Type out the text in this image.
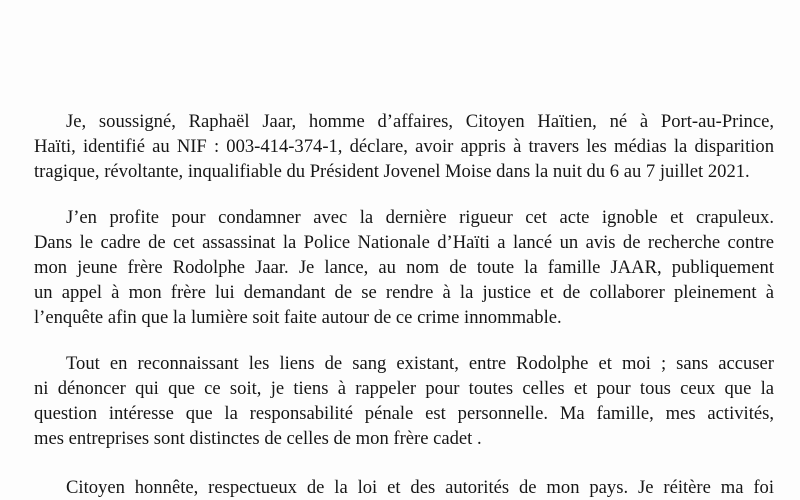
Je, soussigné, Raphaël Jaar, homme d’affaires, Citoyen Haïtien, né à Port-au-Prince,
Haïti, identifié au NIF : 003-414-374-1, déclare, avoir appris à travers les médias la disparition
tragique, révoltante, inqualifiable du Président Jovenel Moise dans la nuit du 6 au 7 juillet 2021.
J’en profite pour condamner avec la dernière rigueur cet acte ignoble et crapuleux.
Dans le cadre de cet assassinat la Police Nationale d’Haïti a lancé un avis de recherche contre
mon jeune frère Rodolphe Jaar. Je lance, au nom de toute la famille JAAR, publiquement
un appel à mon frère lui demandant de se rendre à la justice et de collaborer pleinement à
l’enquête afin que la lumière soit faite autour de ce crime innommable.
Tout en reconnaissant les liens de sang existant, entre Rodolphe et moi ; sans accuser
ni dénoncer qui que ce soit, je tiens à rappeler pour toutes celles et pour tous ceux que la
question intéresse que la responsabilité pénale est personnelle. Ma famille, mes activités,
mes entreprises sont distinctes de celles de mon frère cadet .
Citoyen honnête, respectueux de la loi et des autorités de mon pays. Je réitère ma foi
